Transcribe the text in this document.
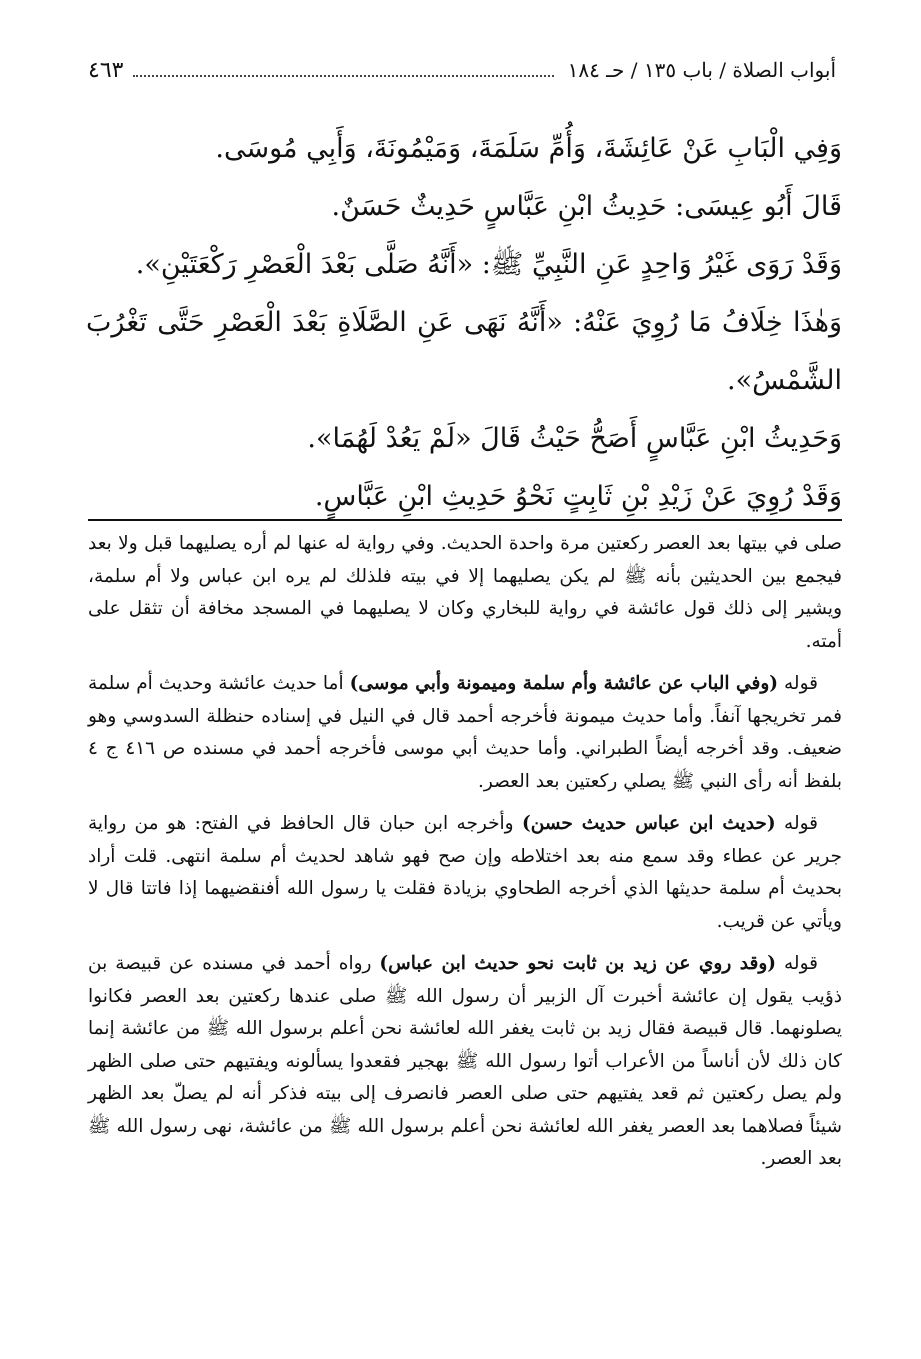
أبواب الصلاة / باب ١٣٥ / حـ ١٨٤
٤٦٣

وَفِي الْبَابِ عَنْ عَائِشَةَ، وَأُمِّ سَلَمَةَ، وَمَيْمُونَةَ، وَأَبِي مُوسَى.

قَالَ أَبُو عِيسَى: حَدِيثُ ابْنِ عَبَّاسٍ حَدِيثٌ حَسَنٌ.

وَقَدْ رَوَى غَيْرُ وَاحِدٍ عَنِ النَّبِيِّ ﷺ: «أَنَّهُ صَلَّى بَعْدَ الْعَصْرِ رَكْعَتَيْنِ».

وَهٰذَا خِلَافُ مَا رُوِيَ عَنْهُ: «أَنَّهُ نَهَى عَنِ الصَّلَاةِ بَعْدَ الْعَصْرِ حَتَّى تَغْرُبَ الشَّمْسُ».

وَحَدِيثُ ابْنِ عَبَّاسٍ أَصَحُّ حَيْثُ قَالَ «لَمْ يَعُدْ لَهُمَا».

وَقَدْ رُوِيَ عَنْ زَيْدِ بْنِ ثَابِتٍ نَحْوُ حَدِيثِ ابْنِ عَبَّاسٍ.

صلى في بيتها بعد العصر ركعتين مرة واحدة الحديث. وفي رواية له عنها لم أره يصليهما قبل ولا بعد فيجمع بين الحديثين بأنه ﷺ لم يكن يصليهما إلا في بيته فلذلك لم يره ابن عباس ولا أم سلمة، ويشير إلى ذلك قول عائشة في رواية للبخاري وكان لا يصليهما في المسجد مخافة أن تثقل على أمته.

قوله (وفي الباب عن عائشة وأم سلمة وميمونة وأبي موسى) أما حديث عائشة وحديث أم سلمة فمر تخريجها آنفاً. وأما حديث ميمونة فأخرجه أحمد قال في النيل في إسناده حنظلة السدوسي وهو ضعيف. وقد أخرجه أيضاً الطبراني. وأما حديث أبي موسى فأخرجه أحمد في مسنده ص ٤١٦ ج ٤ بلفظ أنه رأى النبي ﷺ يصلي ركعتين بعد العصر.

قوله (حديث ابن عباس حديث حسن) وأخرجه ابن حبان قال الحافظ في الفتح: هو من رواية جرير عن عطاء وقد سمع منه بعد اختلاطه وإن صح فهو شاهد لحديث أم سلمة انتهى. قلت أراد بحديث أم سلمة حديثها الذي أخرجه الطحاوي بزيادة فقلت يا رسول الله أفنقضيهما إذا فاتتا قال لا ويأتي عن قريب.

قوله (وقد روي عن زيد بن ثابت نحو حديث ابن عباس) رواه أحمد في مسنده عن قبيصة بن ذؤيب يقول إن عائشة أخبرت آل الزبير أن رسول الله ﷺ صلى عندها ركعتين بعد العصر فكانوا يصلونهما. قال قبيصة فقال زيد بن ثابت يغفر الله لعائشة نحن أعلم برسول الله ﷺ من عائشة إنما كان ذلك لأن أناساً من الأعراب أتوا رسول الله ﷺ بهجير فقعدوا يسألونه ويفتيهم حتى صلى الظهر ولم يصل ركعتين ثم قعد يفتيهم حتى صلى العصر فانصرف إلى بيته فذكر أنه لم يصلّ بعد الظهر شيئاً فصلاهما بعد العصر يغفر الله لعائشة نحن أعلم برسول الله ﷺ من عائشة، نهى رسول الله ﷺ بعد العصر.
